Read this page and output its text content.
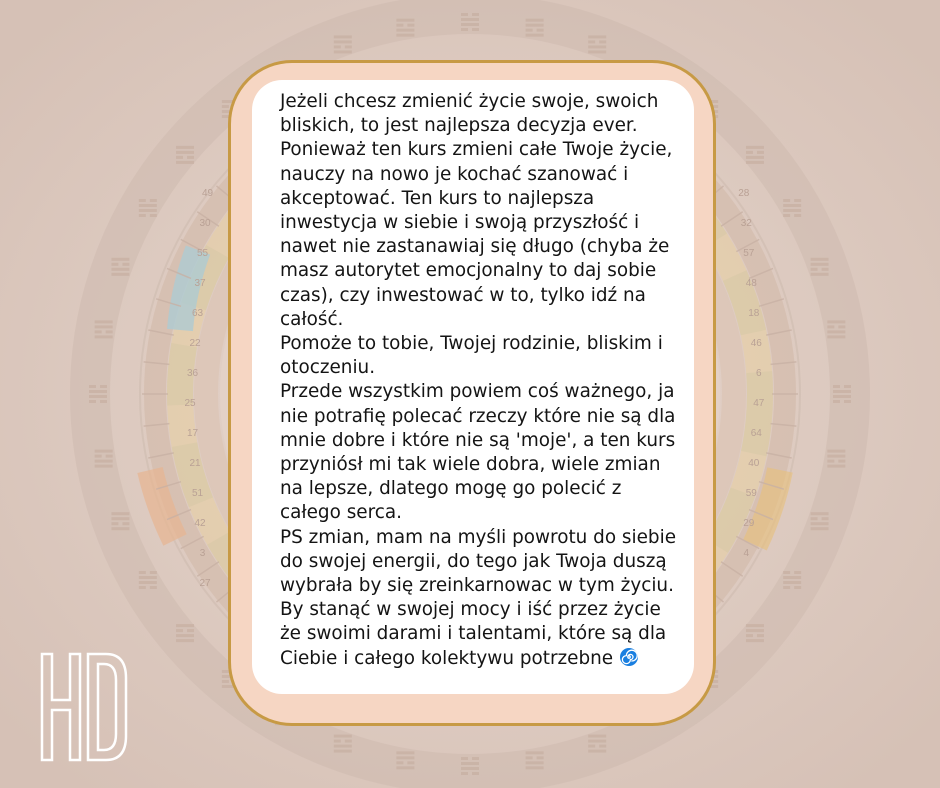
49
30
55
37
63
22
36
25
17
21
51
42
3
27
28
32
57
48
18
46
6
47
64
40
59
29
4

Jeżeli chcesz zmienić życie swoje, swoich
bliskich, to jest najlepsza decyzja ever.
Ponieważ ten kurs zmieni całe Twoje życie,
nauczy na nowo je kochać szanować i
akceptować. Ten kurs to najlepsza
inwestycja w siebie i swoją przyszłość i
nawet nie zastanawiaj się długo (chyba że
masz autorytet emocjonalny to daj sobie
czas), czy inwestować w to, tylko idź na
całość.
Pomoże to tobie, Twojej rodzinie, bliskim i
otoczeniu.
Przede wszystkim powiem coś ważnego, ja
nie potrafię polecać rzeczy które nie są dla
mnie dobre i które nie są 'moje', a ten kurs
przyniósł mi tak wiele dobra, wiele zmian
na lepsze, dlatego mogę go polecić z
całego serca.
PS zmian, mam na myśli powrotu do siebie
do swojej energii, do tego jak Twoja duszą
wybrała by się zreinkarnowac w tym życiu.
By stanąć w swojej mocy i iść przez życie
że swoimi darami i talentami, które są dla
Ciebie i całego kolektywu potrzebne
